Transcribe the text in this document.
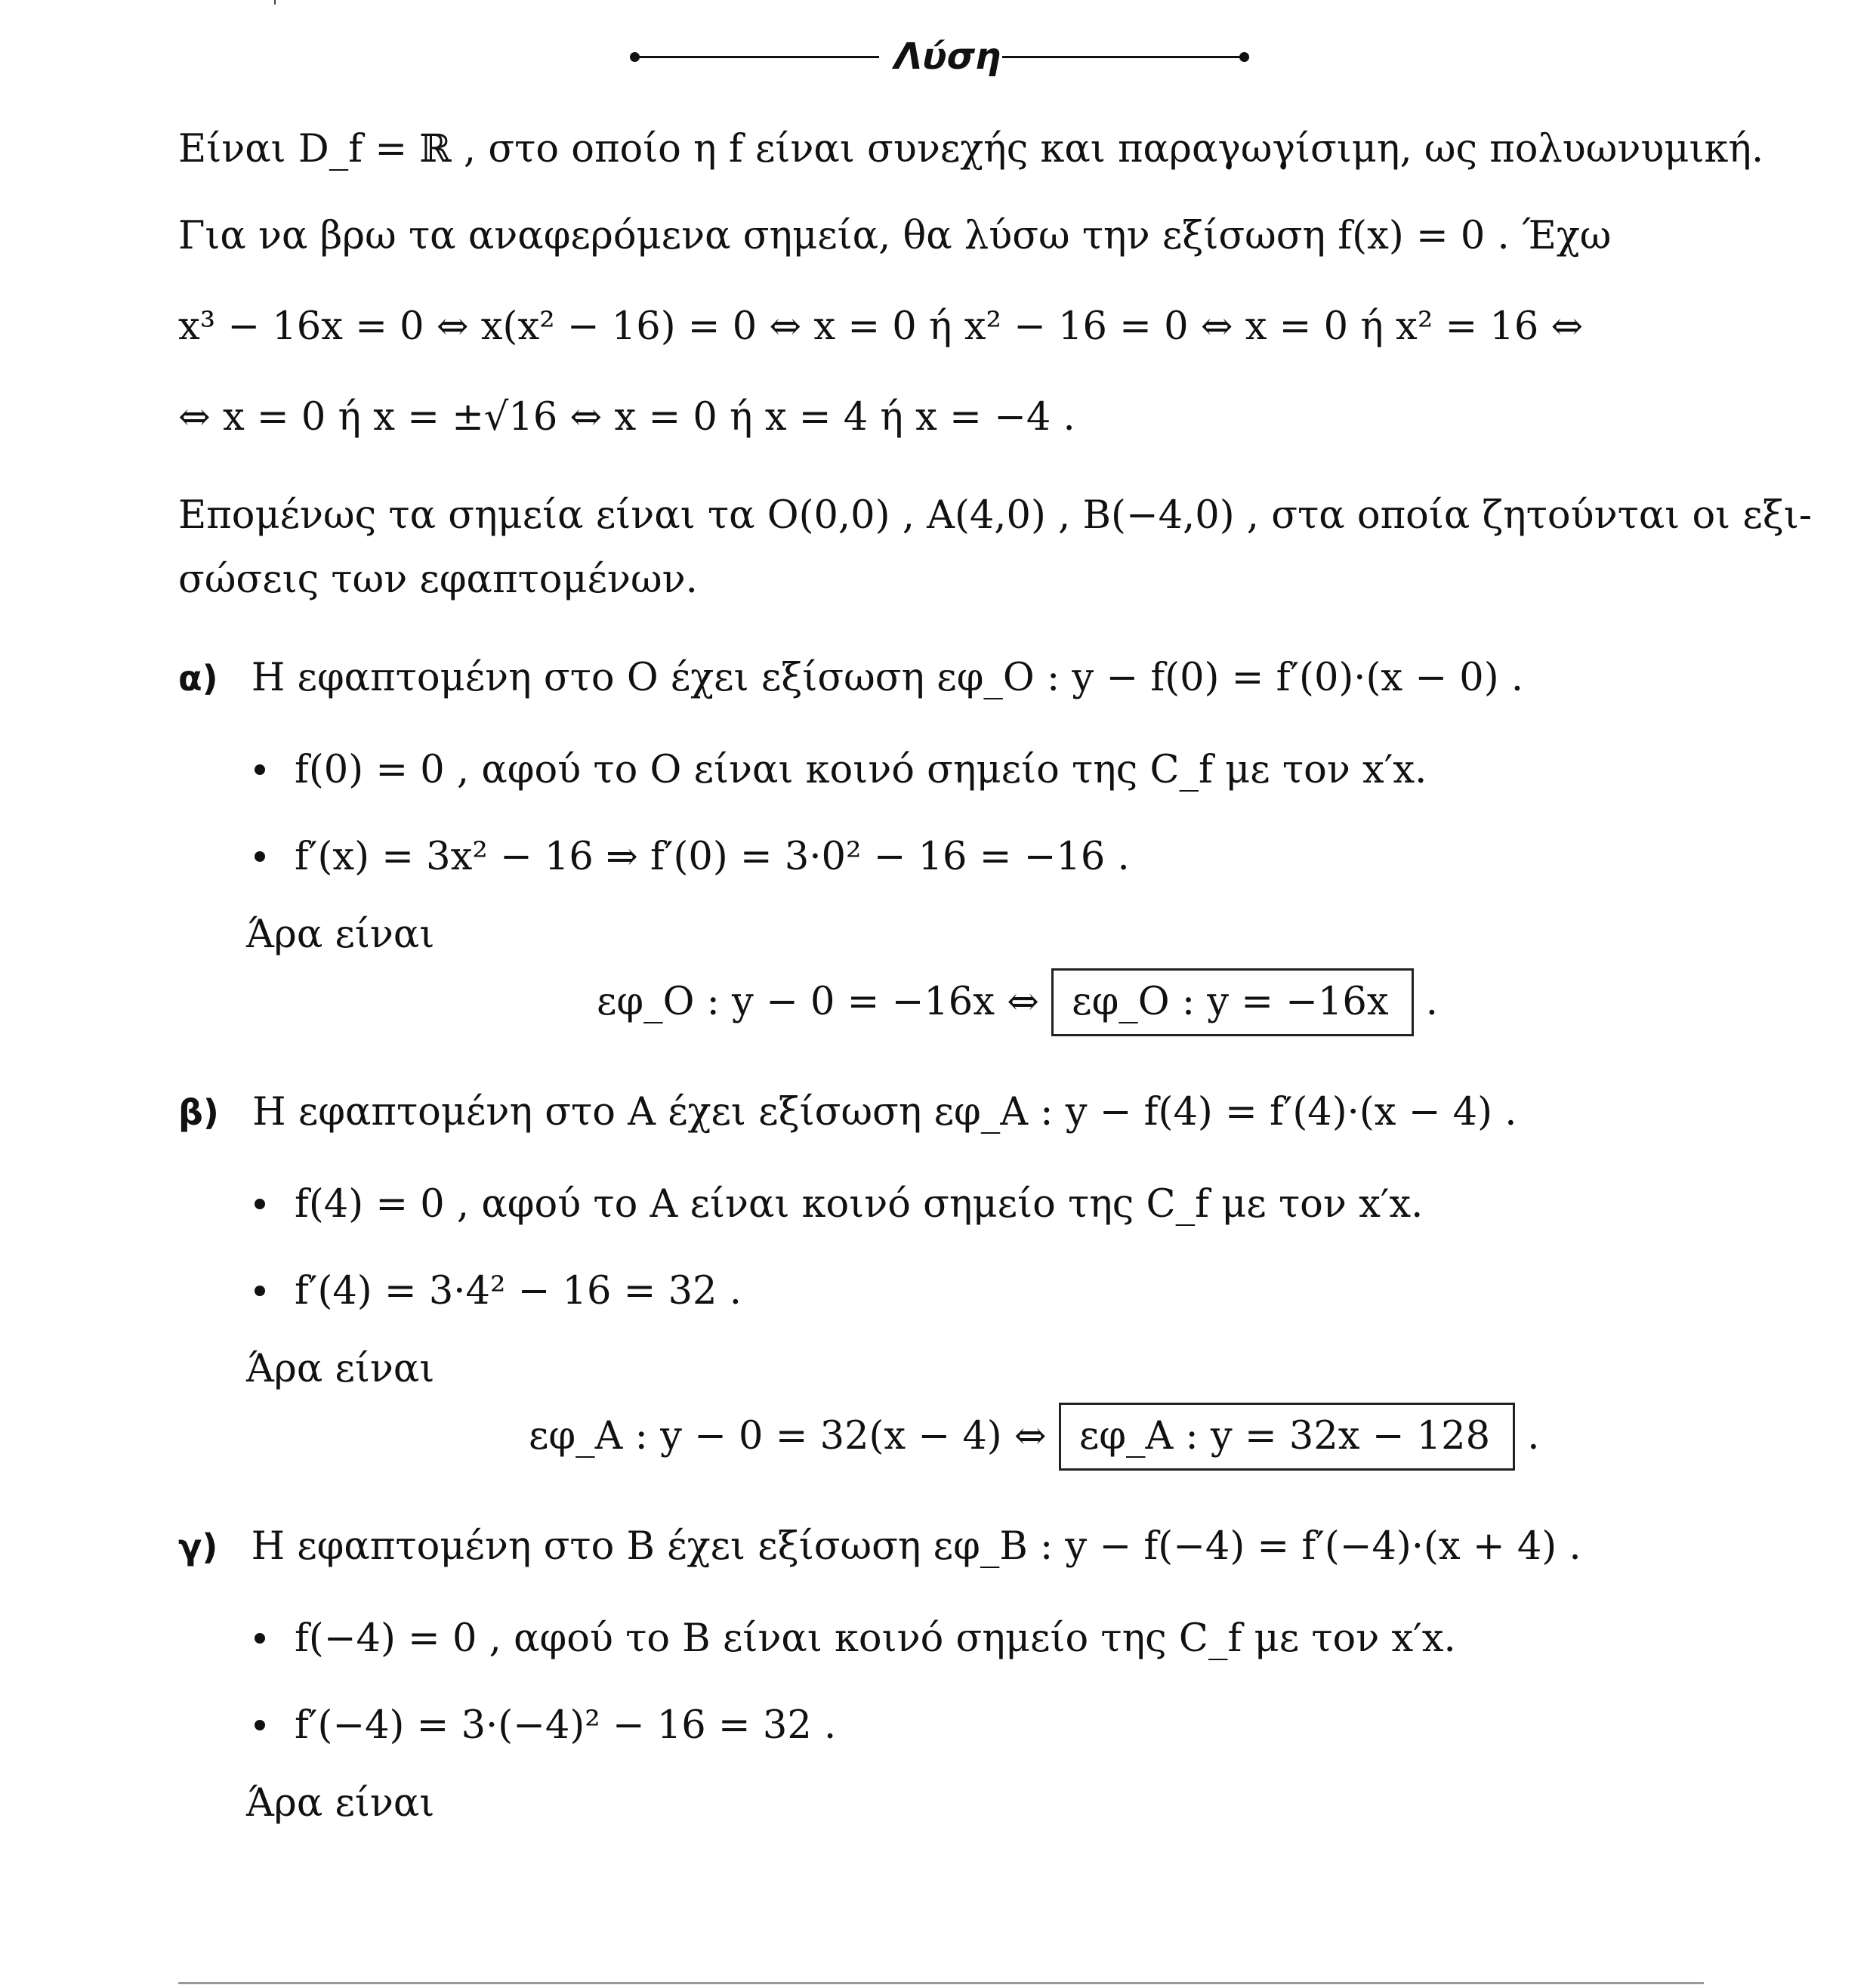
Λύση
Είναι D_f = ℝ , στο οποίο η f είναι συνεχής και παραγωγίσιμη, ως πολυωνυμική.
Για να βρω τα αναφερόμενα σημεία, θα λύσω την εξίσωση f(x) = 0 . Έχω
x³ − 16x = 0 ⇔ x(x² − 16) = 0 ⇔ x = 0 ή x² − 16 = 0 ⇔ x = 0 ή x² = 16 ⇔
⇔ x = 0 ή x = ±√16 ⇔ x = 0 ή x = 4 ή x = −4 .
Επομένως τα σημεία είναι τα O(0,0) , A(4,0) , B(−4,0) , στα οποία ζητούνται οι εξι-
σώσεις των εφαπτομένων.
α) Η εφαπτομένη στο O έχει εξίσωση εφ_O : y − f(0) = f′(0)·(x − 0) .
f(0) = 0 , αφού το O είναι κοινό σημείο της C_f με τον x′x.
f′(x) = 3x² − 16 ⇒ f′(0) = 3·0² − 16 = −16 .
Άρα είναι
εφ_O : y − 0 = −16x ⇔ εφ_O : y = −16x .
β) Η εφαπτομένη στο A έχει εξίσωση εφ_A : y − f(4) = f′(4)·(x − 4) .
f(4) = 0 , αφού το A είναι κοινό σημείο της C_f με τον x′x.
f′(4) = 3·4² − 16 = 32 .
Άρα είναι
εφ_A : y − 0 = 32(x − 4) ⇔ εφ_A : y = 32x − 128 .
γ) Η εφαπτομένη στο B έχει εξίσωση εφ_B : y − f(−4) = f′(−4)·(x + 4) .
f(−4) = 0 , αφού το B είναι κοινό σημείο της C_f με τον x′x.
f′(−4) = 3·(−4)² − 16 = 32 .
Άρα είναι
